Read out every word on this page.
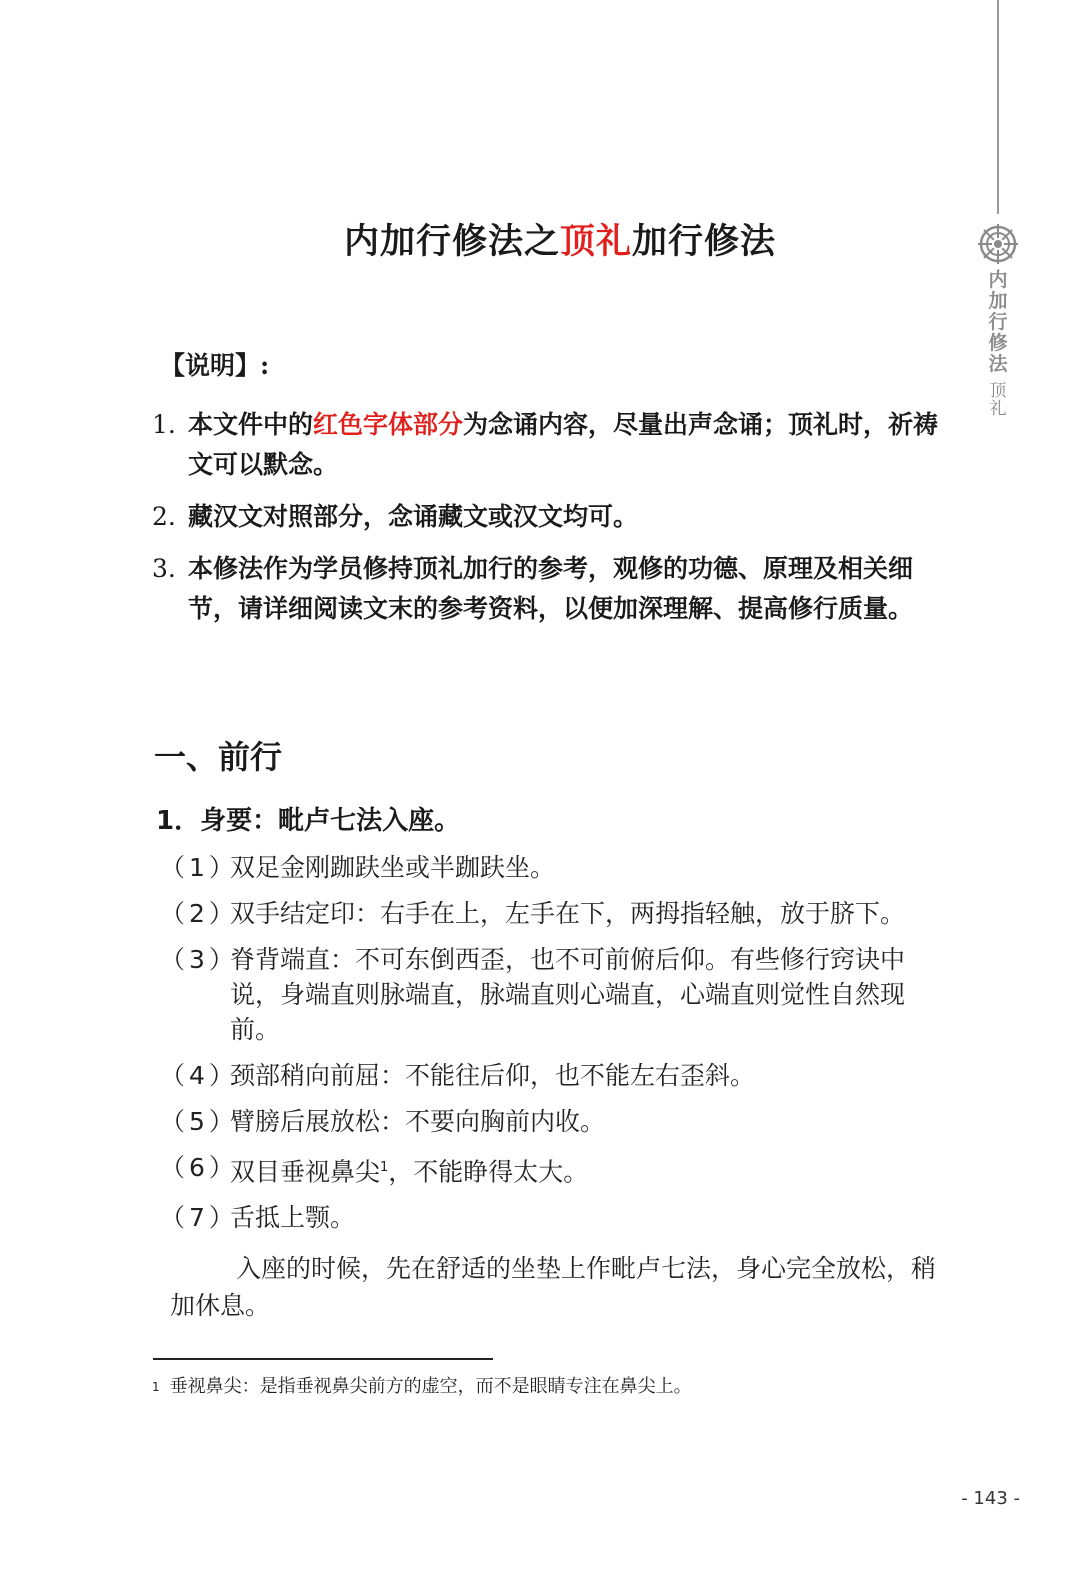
内加行修法
顶礼
内加行修法之顶礼加行修法
【说明】:
1. 本文件中的红色字体部分为念诵内容，尽量出声念诵；顶礼时，祈祷文可以默念。
2. 藏汉文对照部分，念诵藏文或汉文均可。
3. 本修法作为学员修持顶礼加行的参考，观修的功德、原理及相关细节，请详细阅读文末的参考资料，以便加深理解、提高修行质量。
一、前行
1．身要：毗卢七法入座。
（1）
双足金刚跏趺坐或半跏趺坐。
（2）
双手结定印：右手在上，左手在下，两拇指轻触，放于脐下。
（3）
脊背端直：不可东倒西歪，也不可前俯后仰。有些修行窍诀中说，身端直则脉端直，脉端直则心端直，心端直则觉性自然现前。
（4）
颈部稍向前屈：不能往后仰，也不能左右歪斜。
（5）
臂膀后展放松：不要向胸前内收。
（6）
双目垂视鼻尖$^1$，不能睁得太大。
（7）
舌抵上颚。
入座的时候，先在舒适的坐垫上作毗卢七法，身心完全放松，稍加休息。
$^1$ 垂视鼻尖：是指垂视鼻尖前方的虚空，而不是眼睛专注在鼻尖上。
- 143 -
